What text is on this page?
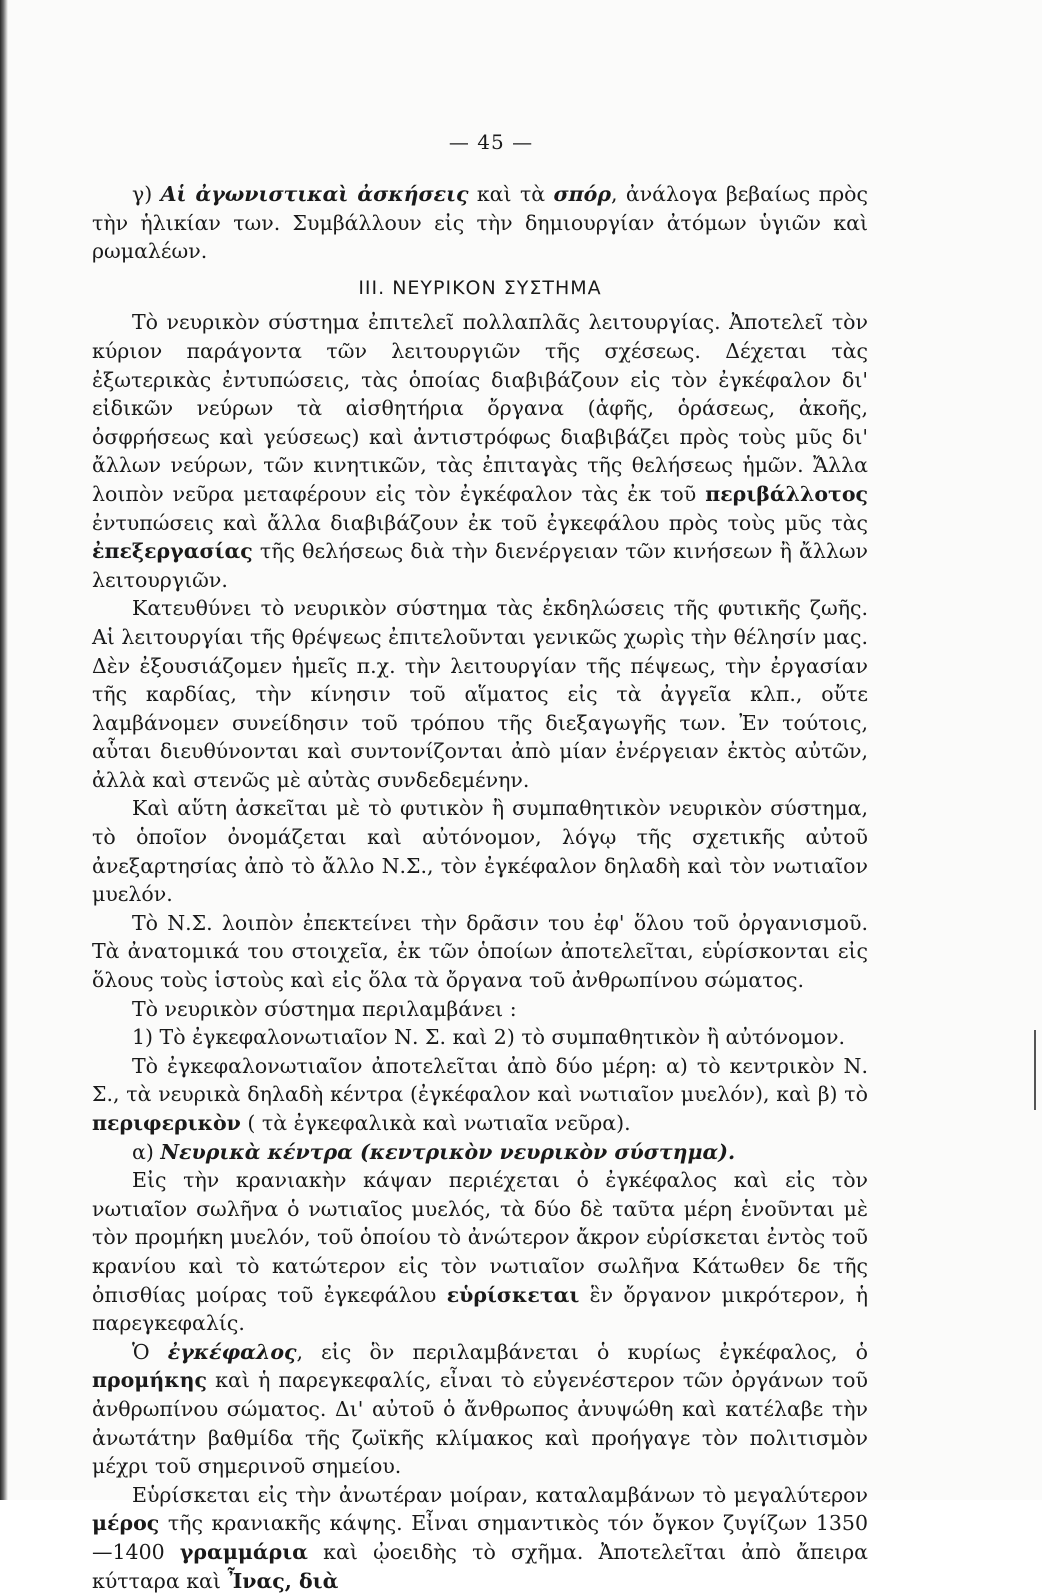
— 45 —

γ) Αἱ ἀγωνιστικαὶ ἀσκήσεις καὶ τὰ σπόρ, ἀνάλογα βεβαίως πρὸς τὴν ἡλικίαν των. Συμβάλλουν εἰς τὴν δημιουργίαν ἀτόμων ὑγιῶν καὶ ρωμαλέων.

III. ΝΕΥΡΙΚΟΝ ΣΥΣΤΗΜΑ

Τὸ νευρικὸν σύστημα ἐπιτελεῖ πολλαπλᾶς λειτουργίας. Ἀποτελεῖ τὸν κύριον παράγοντα τῶν λειτουργιῶν τῆς σχέσεως. Δέχεται τὰς ἐξωτερικὰς ἐντυπώσεις, τὰς ὁποίας διαβιβάζουν εἰς τὸν ἐγκέφαλον δι' εἰδικῶν νεύρων τὰ αἰσθητήρια ὄργανα (ἁφῆς, ὁράσεως, ἀκοῆς, ὀσφρήσεως καὶ γεύσεως) καὶ ἀντιστρόφως διαβιβάζει πρὸς τοὺς μῦς δι' ἄλλων νεύρων, τῶν κινητικῶν, τὰς ἐπιταγὰς τῆς θελήσεως ἡμῶν. Ἄλλα λοιπὸν νεῦρα μεταφέρουν εἰς τὸν ἐγκέφαλον τὰς ἐκ τοῦ περιβάλλοτος ἐντυπώσεις καὶ ἄλλα διαβιβάζουν ἐκ τοῦ ἐγκεφάλου πρὸς τοὺς μῦς τὰς ἐπεξεργασίας τῆς θελήσεως διὰ τὴν διενέργειαν τῶν κινήσεων ἢ ἄλλων λειτουργιῶν.

Κατευθύνει τὸ νευρικὸν σύστημα τὰς ἐκδηλώσεις τῆς φυτικῆς ζωῆς. Αἱ λειτουργίαι τῆς θρέψεως ἐπιτελοῦνται γενικῶς χωρὶς τὴν θέλησίν μας. Δὲν ἐξουσιάζομεν ἡμεῖς π.χ. τὴν λειτουργίαν τῆς πέψεως, τὴν ἐργασίαν τῆς καρδίας, τὴν κίνησιν τοῦ αἵματος εἰς τὰ ἀγγεῖα κλπ., οὔτε λαμβάνομεν συνείδησιν τοῦ τρόπου τῆς διεξαγωγῆς των. Ἐν τούτοις, αὗται διευθύνονται καὶ συντονίζονται ἀπὸ μίαν ἐνέργειαν ἐκτὸς αὐτῶν, ἀλλὰ καὶ στενῶς μὲ αὐτὰς συνδεδεμένην.

Καὶ αὕτη ἀσκεῖται μὲ τὸ φυτικὸν ἢ συμπαθητικὸν νευρικὸν σύστημα, τὸ ὁποῖον ὀνομάζεται καὶ αὐτόνομον, λόγῳ τῆς σχετικῆς αὐτοῦ ἀνεξαρτησίας ἀπὸ τὸ ἄλλο Ν.Σ., τὸν ἐγκέφαλον δηλαδὴ καὶ τὸν νωτιαῖον μυελόν.

Τὸ Ν.Σ. λοιπὸν ἐπεκτείνει τὴν δρᾶσιν του ἐφ' ὅλου τοῦ ὀργανισμοῦ. Τὰ ἀνατομικά του στοιχεῖα, ἐκ τῶν ὁποίων ἀποτελεῖται, εὑρίσκονται εἰς ὅλους τοὺς ἱστοὺς καὶ εἰς ὅλα τὰ ὄργανα τοῦ ἀνθρωπίνου σώματος.

Τὸ νευρικὸν σύστημα περιλαμβάνει :

1) Τὸ ἐγκεφαλονωτιαῖον Ν. Σ. καὶ 2) τὸ συμπαθητικὸν ἢ αὐτόνομον.

Τὸ ἐγκεφαλονωτιαῖον ἀποτελεῖται ἀπὸ δύο μέρη: α) τὸ κεντρικὸν Ν. Σ., τὰ νευρικὰ δηλαδὴ κέντρα (ἐγκέφαλον καὶ νωτιαῖον μυελόν), καὶ β) τὸ περιφερικὸν ( τὰ ἐγκεφαλικὰ καὶ νωτιαῖα νεῦρα).

α) Νευρικὰ κέντρα (κεντρικὸν νευρικὸν σύστημα).

Εἰς τὴν κρανιακὴν κάψαν περιέχεται ὁ ἐγκέφαλος καὶ εἰς τὸν νωτιαῖον σωλῆνα ὁ νωτιαῖος μυελός, τὰ δύο δὲ ταῦτα μέρη ἑνοῦνται μὲ τὸν προμήκη μυελόν, τοῦ ὁποίου τὸ ἀνώτερον ἄκρον εὑρίσκεται ἐντὸς τοῦ κρανίου καὶ τὸ κατώτερον εἰς τὸν νωτιαῖον σωλῆνα Κάτωθεν δε τῆς ὀπισθίας μοίρας τοῦ ἐγκεφάλου εὑρίσκεται ἓν ὄργανον μικρότερον, ἡ παρεγκεφαλίς.

Ὁ ἐγκέφαλος, εἰς ὃν περιλαμβάνεται ὁ κυρίως ἐγκέφαλος, ὁ προμήκης καὶ ἡ παρεγκεφαλίς, εἶναι τὸ εὐγενέστερον τῶν ὀργάνων τοῦ ἀνθρωπίνου σώματος. Δι' αὐτοῦ ὁ ἄνθρωπος ἀνυψώθη καὶ κατέλαβε τὴν ἀνωτάτην βαθμίδα τῆς ζωϊκῆς κλίμακος καὶ προήγαγε τὸν πολιτισμὸν μέχρι τοῦ σημερινοῦ σημείου.

Εὑρίσκεται εἰς τὴν ἀνωτέραν μοίραν, καταλαμβάνων τὸ μεγαλύτερον μέρος τῆς κρανιακῆς κάψης. Εἶναι σημαντικὸς τόν ὄγκον ζυγίζων 1350—1400 γραμμάρια καὶ ᾠοειδὴς τὸ σχῆμα. Ἀποτελεῖται ἀπὸ ἄπειρα κύτταρα καὶ Ἶνας, διὰ
